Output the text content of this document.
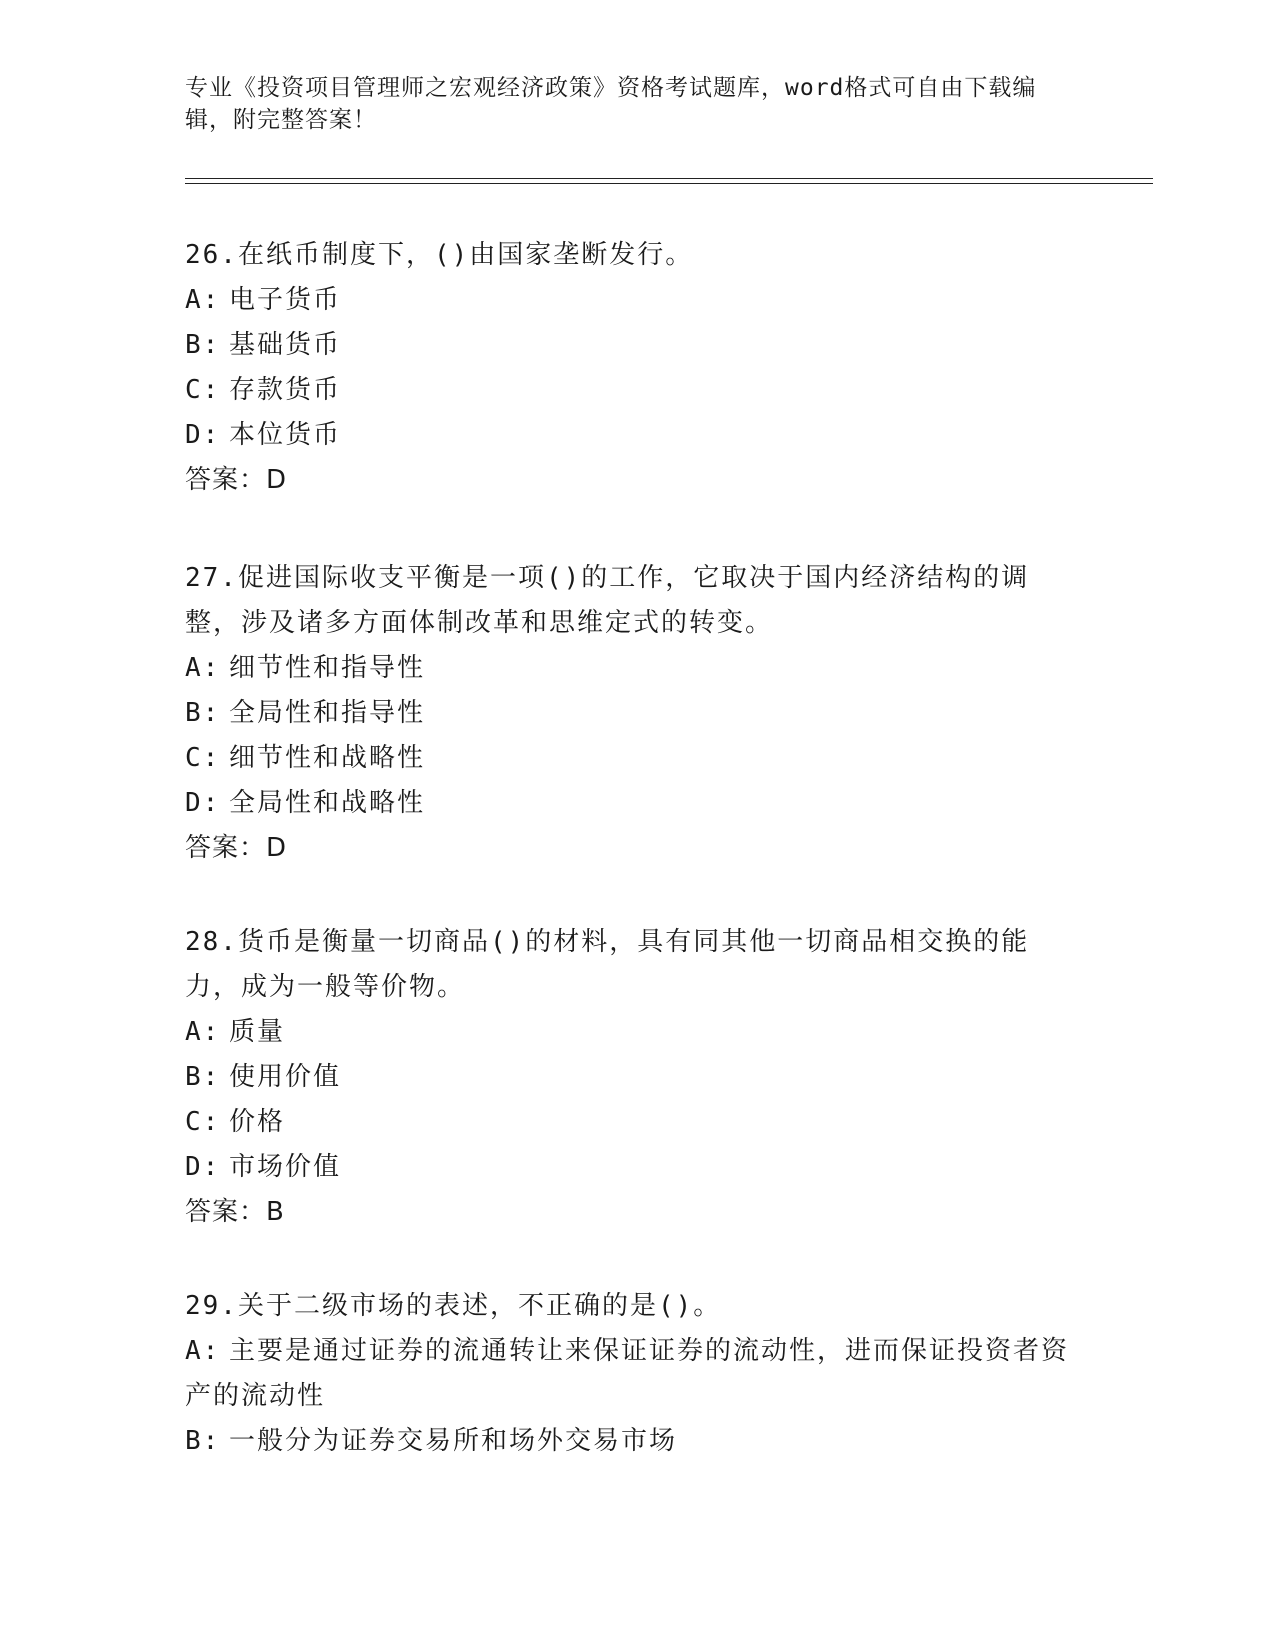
专业《投资项目管理师之宏观经济政策》资格考试题库，word格式可自由下载编辑，附完整答案！

26.在纸币制度下，()由国家垄断发行。

A: 电子货币

B: 基础货币

C: 存款货币

D: 本位货币

答案：D

27.促进国际收支平衡是一项()的工作，它取决于国内经济结构的调整，涉及诸多方面体制改革和思维定式的转变。

A: 细节性和指导性

B: 全局性和指导性

C: 细节性和战略性

D: 全局性和战略性

答案：D

28.货币是衡量一切商品()的材料，具有同其他一切商品相交换的能力，成为一般等价物。

A: 质量

B: 使用价值

C: 价格

D: 市场价值

答案：B

29.关于二级市场的表述，不正确的是()。

A: 主要是通过证券的流通转让来保证证券的流动性，进而保证投资者资产的流动性

B: 一般分为证券交易所和场外交易市场
